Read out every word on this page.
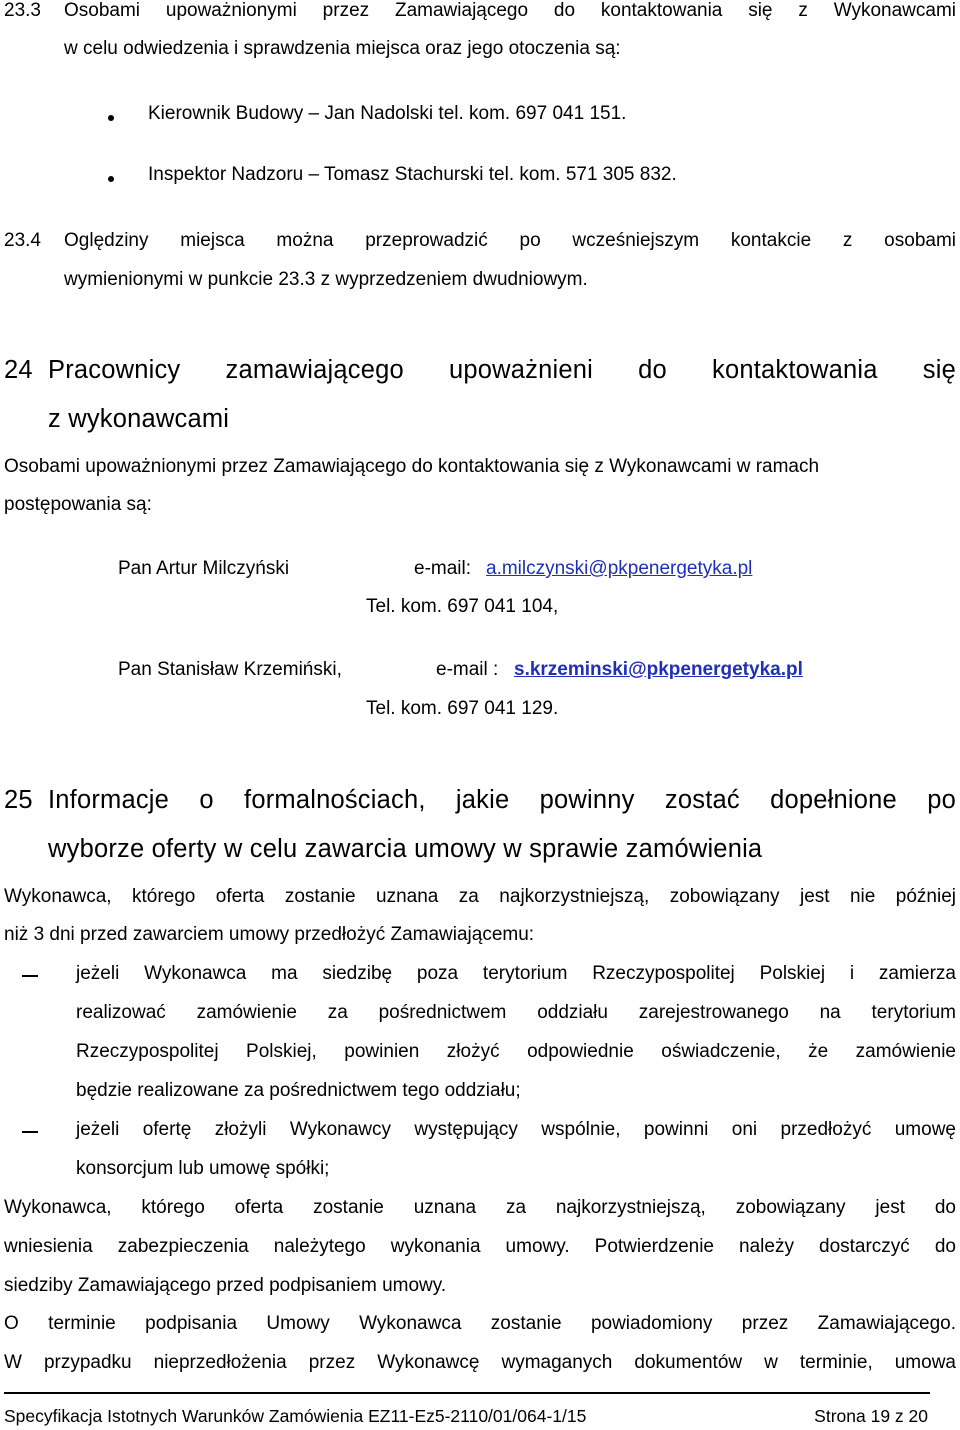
23.3 Osobami upoważnionymi przez Zamawiającego do kontaktowania się z Wykonawcami
w celu odwiedzenia i sprawdzenia miejsca oraz jego otoczenia są:
Kierownik Budowy – Jan Nadolski tel. kom. 697 041 151.
Inspektor Nadzoru – Tomasz Stachurski tel. kom. 571 305 832.
23.4 Oględziny miejsca można przeprowadzić po wcześniejszym kontakcie z osobami
wymienionymi w punkcie 23.3 z wyprzedzeniem dwudniowym.
24 Pracownicy zamawiającego upoważnieni do kontaktowania się
z wykonawcami
Osobami upoważnionymi przez Zamawiającego do kontaktowania się z Wykonawcami w ramach
postępowania są:
Pan Artur Milczyński	e-mail: a.milczynski@pkpenergetyka.pl
Tel. kom. 697 041 104,
Pan Stanisław Krzemiński,	e-mail : s.krzeminski@pkpenergetyka.pl
Tel. kom. 697 041 129.
25 Informacje o formalnościach, jakie powinny zostać dopełnione po
wyborze oferty w celu zawarcia umowy w sprawie zamówienia
Wykonawca, którego oferta zostanie uznana za najkorzystniejszą, zobowiązany jest nie później
niż 3 dni przed zawarciem umowy przedłożyć Zamawiającemu:
jeżeli Wykonawca ma siedzibę poza terytorium Rzeczypospolitej Polskiej i zamierza
realizować zamówienie za pośrednictwem oddziału zarejestrowanego na terytorium
Rzeczypospolitej Polskiej, powinien złożyć odpowiednie oświadczenie, że zamówienie
będzie realizowane za pośrednictwem tego oddziału;
jeżeli ofertę złożyli Wykonawcy występujący wspólnie, powinni oni przedłożyć umowę
konsorcjum lub umowę spółki;
Wykonawca, którego oferta zostanie uznana za najkorzystniejszą, zobowiązany jest do
wniesienia zabezpieczenia należytego wykonania umowy. Potwierdzenie należy dostarczyć do
siedziby Zamawiającego przed podpisaniem umowy.
O terminie podpisania Umowy Wykonawca zostanie powiadomiony przez Zamawiającego.
W przypadku nieprzedłożenia przez Wykonawcę wymaganych dokumentów w terminie, umowa
Specyfikacja Istotnych Warunków Zamówienia EZ11-Ez5-2110/01/064-1/15	Strona 19 z 20
